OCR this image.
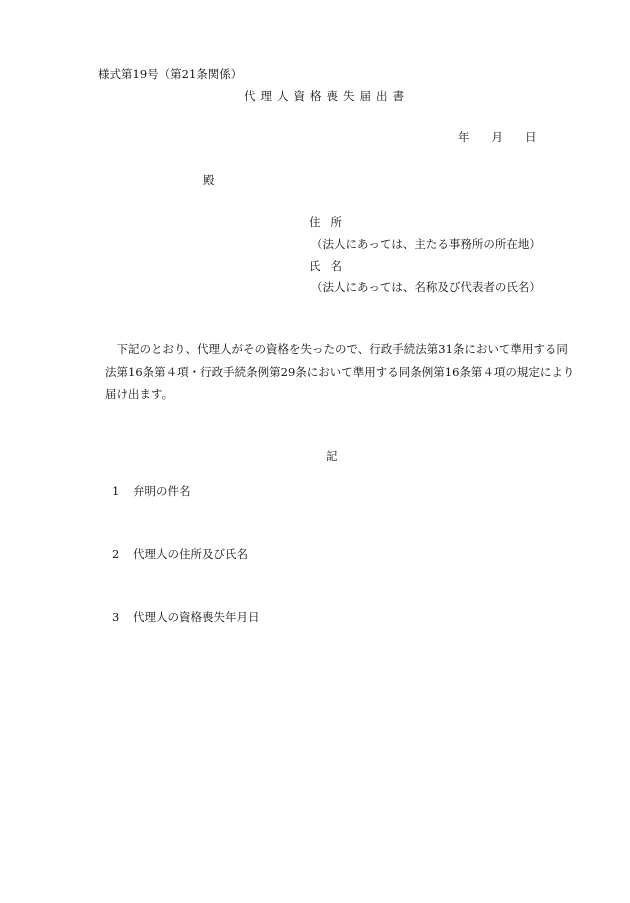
様式第19号（第21条関係）
代理人資格喪失届出書
年 月 日
殿
住所
（法人にあっては、主たる事務所の所在地）
氏名
（法人にあっては、名称及び代表者の氏名）
下記のとおり、代理人がその資格を失ったので、行政手続法第31条において準用する同法第16条第４項・行政手続条例第29条において準用する同条例第16条第４項の規定により届け出ます。
記
1 弁明の件名
2 代理人の住所及び氏名
3 代理人の資格喪失年月日
